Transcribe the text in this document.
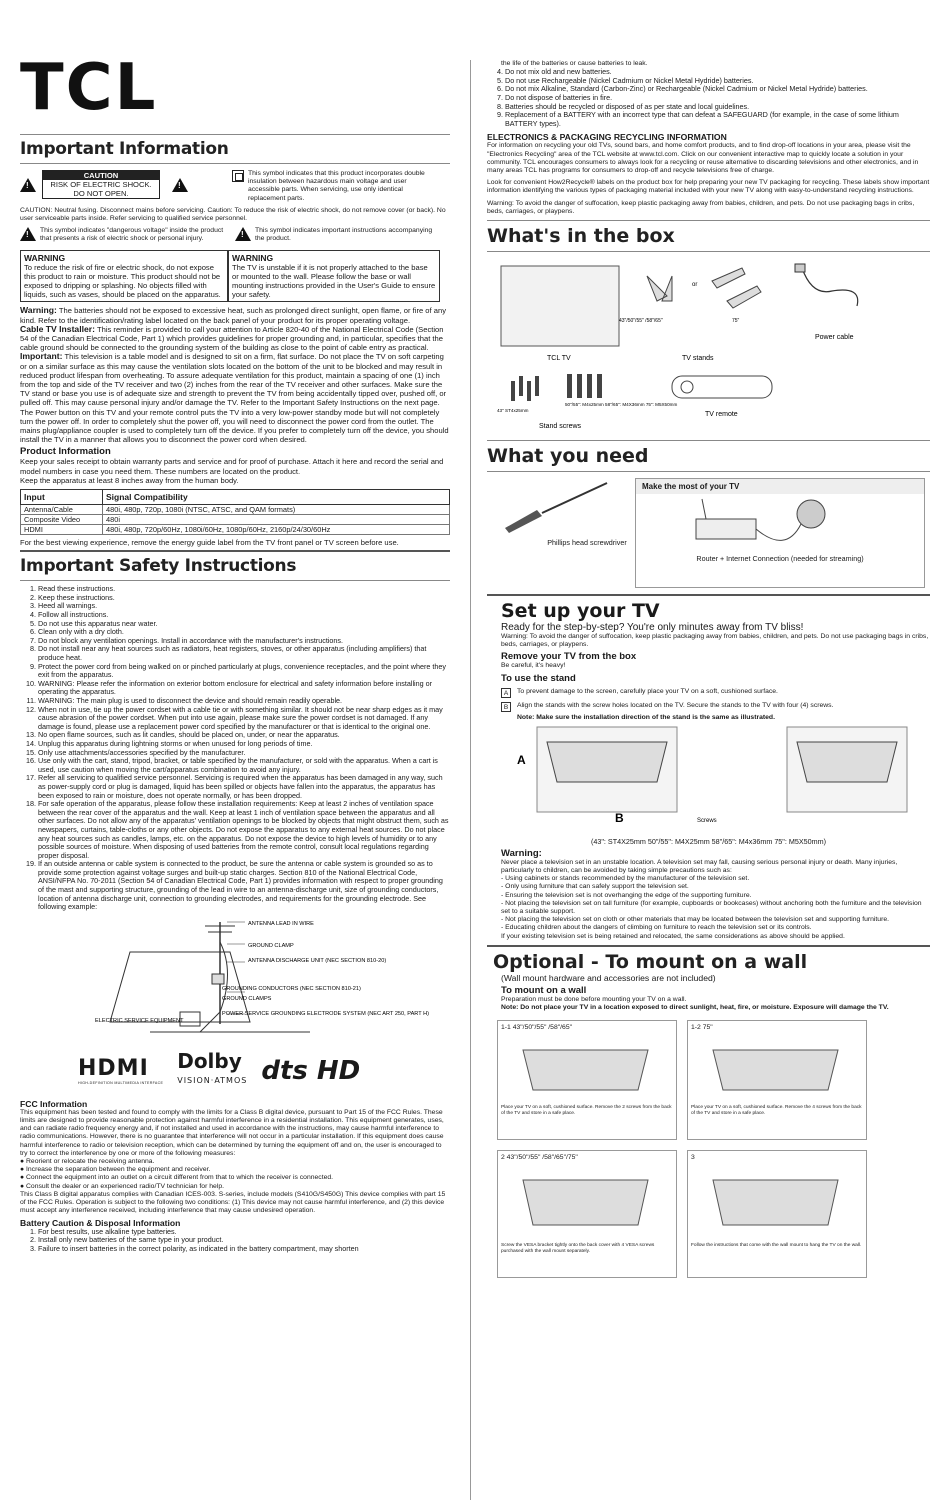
TCL
Important Information
!
CAUTION
RISK OF ELECTRIC SHOCK.
DO NOT OPEN.
!
This symbol indicates that this product incorporates double insulation between hazardous main voltage and user accessible parts. When servicing, use only identical replacement parts.
CAUTION: Neutral fusing. Disconnect mains before servicing. Caution: To reduce the risk of electric shock, do not remove cover (or back). No user serviceable parts inside. Refer servicing to qualified service personnel.
!
This symbol indicates "dangerous voltage" inside the product that presents a risk of electric shock or personal injury.
!
This symbol indicates important instructions accompanying the product.
WARNING
To reduce the risk of fire or electric shock, do not expose this product to rain or moisture. This product should not be exposed to dripping or splashing. No objects filled with liquids, such as vases, should be placed on the apparatus.
WARNING
The TV is unstable if it is not properly attached to the base or mounted to the wall. Please follow the base or wall mounting instructions provided in the User's Guide to ensure your safety.
Warning: The batteries should not be exposed to excessive heat, such as prolonged direct sunlight, open flame, or fire of any kind. Refer to the identification/rating label located on the back panel of your product for its proper operating voltage.
Cable TV Installer: This reminder is provided to call your attention to Article 820-40 of the National Electrical Code (Section 54 of the Canadian Electrical Code, Part 1) which provides guidelines for proper grounding and, in particular, specifies that the cable ground should be connected to the grounding system of the building as close to the point of cable entry as practical.
Important: This television is a table model and is designed to sit on a firm, flat surface. Do not place the TV on soft carpeting or on a similar surface as this may cause the ventilation slots located on the bottom of the unit to be blocked and may result in reduced product lifespan from overheating. To assure adequate ventilation for this product, maintain a spacing of one (1) inch from the top and side of the TV receiver and two (2) inches from the rear of the TV receiver and other surfaces. Make sure the TV stand or base you use is of adequate size and strength to prevent the TV from being accidentally tipped over, pushed off, or pulled off. This may cause personal injury and/or damage the TV. Refer to the Important Safety Instructions on the next page. The Power button on this TV and your remote control puts the TV into a very low-power standby mode but will not completely turn the power off. In order to completely shut the power off, you will need to disconnect the power cord from the outlet. The mains plug/appliance coupler is used to completely turn off the device. If you prefer to completely turn off the device, you should install the TV in a manner that allows you to disconnect the power cord when desired.
Product Information
Keep your sales receipt to obtain warranty parts and service and for proof of purchase. Attach it here and record the serial and model numbers in case you need them. These numbers are located on the product.
Keep the apparatus at least 8 inches away from the human body.
Input	Signal Compatibility
Antenna/Cable	480i, 480p, 720p, 1080i (NTSC, ATSC, and QAM formats)
Composite Video	480i
HDMI	480i, 480p, 720p/60Hz, 1080i/60Hz, 1080p/60Hz, 2160p/24/30/60Hz
For the best viewing experience, remove the energy guide label from the TV front panel or TV screen before use.
Important Safety Instructions
1. Read these instructions.
2. Keep these instructions.
3. Heed all warnings.
4. Follow all instructions.
5. Do not use this apparatus near water.
6. Clean only with a dry cloth.
7. Do not block any ventilation openings. Install in accordance with the manufacturer's instructions.
8. Do not install near any heat sources such as radiators, heat registers, stoves, or other apparatus (including amplifiers) that produce heat.
9. Protect the power cord from being walked on or pinched particularly at plugs, convenience receptacles, and the point where they exit from the apparatus.
10. WARNING: Please refer the information on exterior bottom enclosure for electrical and safety information before installing or operating the apparatus.
11. WARNING: The main plug is used to disconnect the device and should remain readily operable.
12. When not in use, tie up the power cordset with a cable tie or with something similar. It should not be near sharp edges as it may cause abrasion of the power cordset. When put into use again, please make sure the power cordset is not damaged. If any damage is found, please use a replacement power cord specified by the manufacturer or that is identical to the original one.
13. No open flame sources, such as lit candles, should be placed on, under, or near the apparatus.
14. Unplug this apparatus during lightning storms or when unused for long periods of time.
15. Only use attachments/accessories specified by the manufacturer.
16. Use only with the cart, stand, tripod, bracket, or table specified by the manufacturer, or sold with the apparatus. When a cart is used, use caution when moving the cart/apparatus combination to avoid any injury.
17. Refer all servicing to qualified service personnel. Servicing is required when the apparatus has been damaged in any way, such as power-supply cord or plug is damaged, liquid has been spilled or objects have fallen into the apparatus, the apparatus has been exposed to rain or moisture, does not operate normally, or has been dropped.
18. For safe operation of the apparatus, please follow these installation requirements: Keep at least 2 inches of ventilation space between the rear cover of the apparatus and the wall. Keep at least 1 inch of ventilation space between the apparatus and all other surfaces. Do not allow any of the apparatus' ventilation openings to be blocked by objects that might obstruct them, such as newspapers, curtains, table-cloths or any other objects. Do not expose the apparatus to any external heat sources. Do not place any heat sources such as candles, lamps, etc. on the apparatus. Do not expose the device to high levels of humidity or to any possible sources of moisture. When disposing of used batteries from the remote control, consult local regulations regarding proper disposal.
19. If an outside antenna or cable system is connected to the product, be sure the antenna or cable system is grounded so as to provide some protection against voltage surges and built-up static charges. Section 810 of the National Electrical Code, ANSI/NFPA No. 70-2011 (Section 54 of Canadian Electrical Code, Part 1) provides information with respect to proper grounding of the mast and supporting structure, grounding of the lead in wire to an antenna-discharge unit, size of grounding conductors, location of antenna discharge unit, connection to grounding electrodes, and requirements for the grounding electrode. See following example:
ANTENNA LEAD IN WIRE
GROUND CLAMP
ANTENNA DISCHARGE UNIT (NEC SECTION 810-20)
GROUNDING CONDUCTORS (NEC SECTION 810-21)
GROUND CLAMPS
POWER SERVICE GROUNDING ELECTRODE SYSTEM (NEC ART 250, PART H)
ELECTRIC SERVICE EQUIPMENT
HDMI
HIGH-DEFINITION MULTIMEDIA INTERFACE
Dolby
VISION·ATMOS dts HD
FCC Information
This equipment has been tested and found to comply with the limits for a Class B digital device, pursuant to Part 15 of the FCC Rules. These limits are designed to provide reasonable protection against harmful interference in a residential installation. This equipment generates, uses, and can radiate radio frequency energy and, if not installed and used in accordance with the instructions, may cause harmful interference to radio communications. However, there is no guarantee that interference will not occur in a particular installation. If this equipment does cause harmful interference to radio or television reception, which can be determined by turning the equipment off and on, the user is encouraged to try to correct the interference by one or more of the following measures:
● Reorient or relocate the receiving antenna.
● Increase the separation between the equipment and receiver.
● Connect the equipment into an outlet on a circuit different from that to which the receiver is connected.
● Consult the dealer or an experienced radio/TV technician for help.
This Class B digital apparatus complies with Canadian ICES-003. S-series, include models (S410G/S450G) This device complies with part 15 of the FCC Rules. Operation is subject to the following two conditions: (1) This device may not cause harmful interference, and (2) this device must accept any interference received, including interference that may cause undesired operation.
Battery Caution & Disposal Information
1. For best results, use alkaline type batteries.
2. Install only new batteries of the same type in your product.
3. Failure to insert batteries in the correct polarity, as indicated in the battery compartment, may shorten
the life of the batteries or cause batteries to leak.
4. Do not mix old and new batteries.
5. Do not use Rechargeable (Nickel Cadmium or Nickel Metal Hydride) batteries.
6. Do not mix Alkaline, Standard (Carbon-Zinc) or Rechargeable (Nickel Cadmium or Nickel Metal Hydride) batteries.
7. Do not dispose of batteries in fire.
8. Batteries should be recycled or disposed of as per state and local guidelines.
9. Replacement of a BATTERY with an incorrect type that can defeat a SAFEGUARD (for example, in the case of some lithium BATTERY types).
ELECTRONICS & PACKAGING RECYCLING INFORMATION
For information on recycling your old TVs, sound bars, and home comfort products, and to find drop-off locations in your area, please visit the "Electronics Recycling" area of the TCL website at www.tcl.com. Click on our convenient interactive map to quickly locate a solution in your community. TCL encourages consumers to always look for a recycling or reuse alternative to discarding televisions and other electronics, and in many areas TCL has programs for consumers to drop-off and recycle televisions free of charge.
Look for convenient How2Recycle® labels on the product box for help preparing your new TV packaging for recycling. These labels show important information identifying the various types of packaging material included with your new TV along with easy-to-understand recycling instructions.
Warning: To avoid the danger of suffocation, keep plastic packaging away from babies, children, and pets. Do not use packaging bags in cribs, beds, carriages, or playpens.
What's in the box
or
43"/50"/55" /58"/65"	75"
TCL TV	TV stands
Power cable
43" ST4x25mm
50"/55": M4x25mm 58"/65": M4X36mm 75": M5X50mm
Stand screws
TV remote
What you need
Phillips head screwdriver
Make the most of your TV
Router + Internet Connection (needed for streaming)
Set up your TV
Ready for the step-by-step? You're only minutes away from TV bliss!
Warning: To avoid the danger of suffocation, keep plastic packaging away from babies, children, and pets. Do not use packaging bags in cribs, beds, carriages, or playpens.
Remove your TV from the box
Be careful, it's heavy!
To use the stand
A	To prevent damage to the screen, carefully place your TV on a soft, cushioned surface.
B	Align the stands with the screw holes located on the TV. Secure the stands to the TV with four (4) screws.
Note: Make sure the installation direction of the stand is the same as illustrated.
A
B	Screws
(43": ST4X25mm 50"/55": M4X25mm 58"/65": M4x36mm 75": M5X50mm)
Warning:
Never place a television set in an unstable location. A television set may fall, causing serious personal injury or death. Many injuries, particularly to children, can be avoided by taking simple precautions such as:
- Using cabinets or stands recommended by the manufacturer of the television set.
- Only using furniture that can safely support the television set.
- Ensuring the television set is not overhanging the edge of the supporting furniture.
- Not placing the television set on tall furniture (for example, cupboards or bookcases) without anchoring both the furniture and the television set to a suitable support.
- Not placing the television set on cloth or other materials that may be located between the television set and supporting furniture.
- Educating children about the dangers of climbing on furniture to reach the television set or its controls.
If your existing television set is being retained and relocated, the same considerations as above should be applied.
Optional - To mount on a wall
(Wall mount hardware and accessories are not included)
To mount on a wall
Preparation must be done before mounting your TV on a wall.
Note: Do not place your TV in a location exposed to direct sunlight, heat, fire, or moisture. Exposure will damage the TV.
1-1 43"/50"/55" /58"/65"
Place your TV on a soft, cushioned surface. Remove the 2 screws from the back of the TV and store in a safe place.
1-2 75"
Place your TV on a soft, cushioned surface. Remove the 4 screws from the back of the TV and store in a safe place.
2 43"/50"/55" /58"/65"/75"
Screw the VESA bracket tightly onto the back cover with 4 VESA screws purchased with the wall mount separately.
3
Follow the instructions that come with the wall mount to hang the TV on the wall.
